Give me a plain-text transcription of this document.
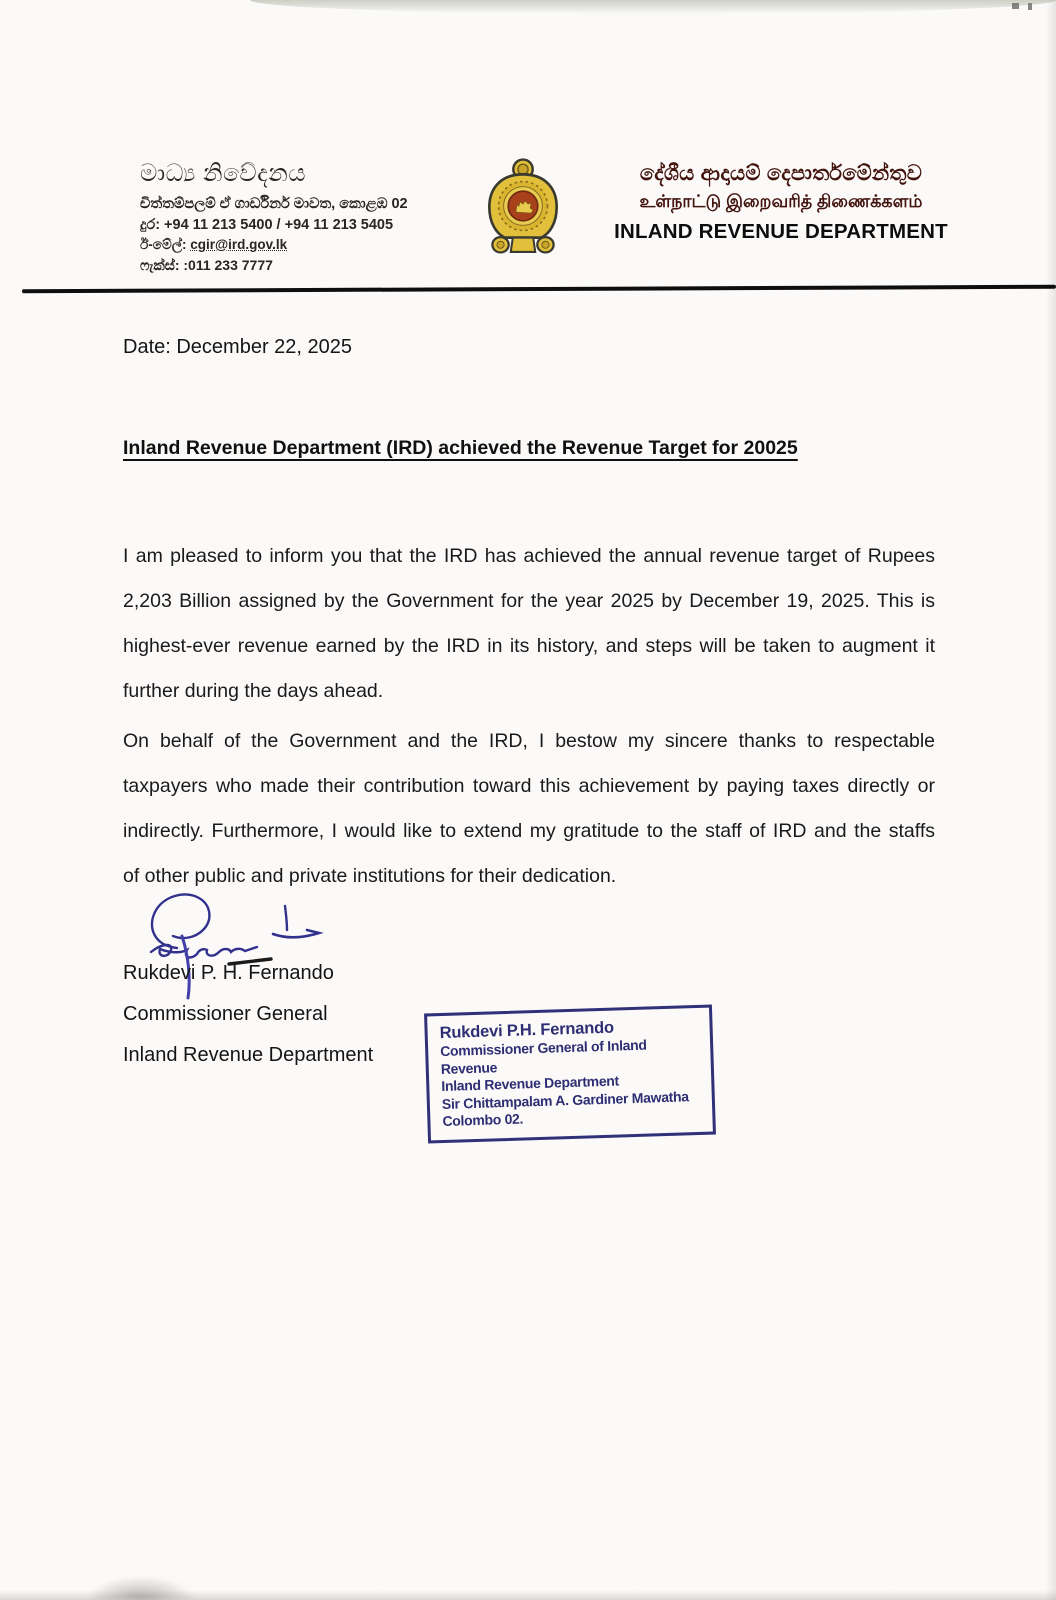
මාධ්‍ය නිවේදනය
චිත්තම්පලම් ඒ ගාර්ඩිනර් මාවත, කොළඹ 02
දුර: +94 11 213 5400 / +94 11 213 5405
ඊ-මේල්: cgir@ird.gov.lk
ෆැක්ස්: :011 233 7777
දේශීය ආදායම් දෙපාර්තමේන්තුව
உள்நாட்டு இறைவரித் திணைக்களம்
INLAND REVENUE DEPARTMENT
Date: December 22, 2025
Inland Revenue Department (IRD) achieved the Revenue Target for 20025
I am pleased to inform you that the IRD has achieved the annual revenue target of Rupees
2,203 Billion assigned by the Government for the year 2025 by December 19, 2025. This is
highest-ever revenue earned by the IRD in its history, and steps will be taken to augment it
further during the days ahead.
On behalf of the Government and the IRD, I bestow my sincere thanks to respectable
taxpayers who made their contribution toward this achievement by paying taxes directly or
indirectly. Furthermore, I would like to extend my gratitude to the staff of IRD and the staffs
of other public and private institutions for their dedication.
Rukdevi P. H. Fernando
Commissioner General
Inland Revenue Department
Rukdevi P.H. Fernando
Commissioner General of Inland Revenue
Inland Revenue Department
Sir Chittampalam A. Gardiner Mawatha
Colombo 02.
